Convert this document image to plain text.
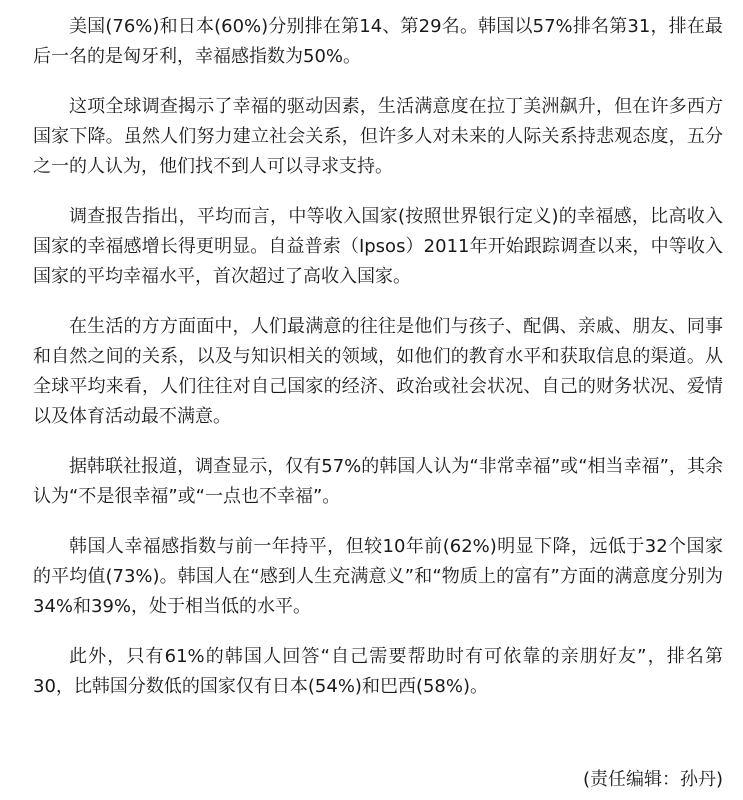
美国(76%)和日本(60%)分别排在第14、第29名。韩国以57%排名第31，排在最后一名的是匈牙利，幸福感指数为50%。

这项全球调查揭示了幸福的驱动因素，生活满意度在拉丁美洲飙升，但在许多西方国家下降。虽然人们努力建立社会关系，但许多人对未来的人际关系持悲观态度，五分之一的人认为，他们找不到人可以寻求支持。

调查报告指出，平均而言，中等收入国家(按照世界银行定义)的幸福感，比高收入国家的幸福感增长得更明显。自益普索（Ipsos）2011年开始跟踪调查以来，中等收入国家的平均幸福水平，首次超过了高收入国家。

在生活的方方面面中，人们最满意的往往是他们与孩子、配偶、亲戚、朋友、同事和自然之间的关系，以及与知识相关的领域，如他们的教育水平和获取信息的渠道。从全球平均来看，人们往往对自己国家的经济、政治或社会状况、自己的财务状况、爱情以及体育活动最不满意。

据韩联社报道，调查显示，仅有57%的韩国人认为“非常幸福”或“相当幸福”，其余认为“不是很幸福”或“一点也不幸福”。

韩国人幸福感指数与前一年持平，但较10年前(62%)明显下降，远低于32个国家的平均值(73%)。韩国人在“感到人生充满意义”和“物质上的富有”方面的满意度分别为34%和39%，处于相当低的水平。

此外，只有61%的韩国人回答“自己需要帮助时有可依靠的亲朋好友”，排名第30，比韩国分数低的国家仅有日本(54%)和巴西(58%)。

(责任编辑：孙丹)
